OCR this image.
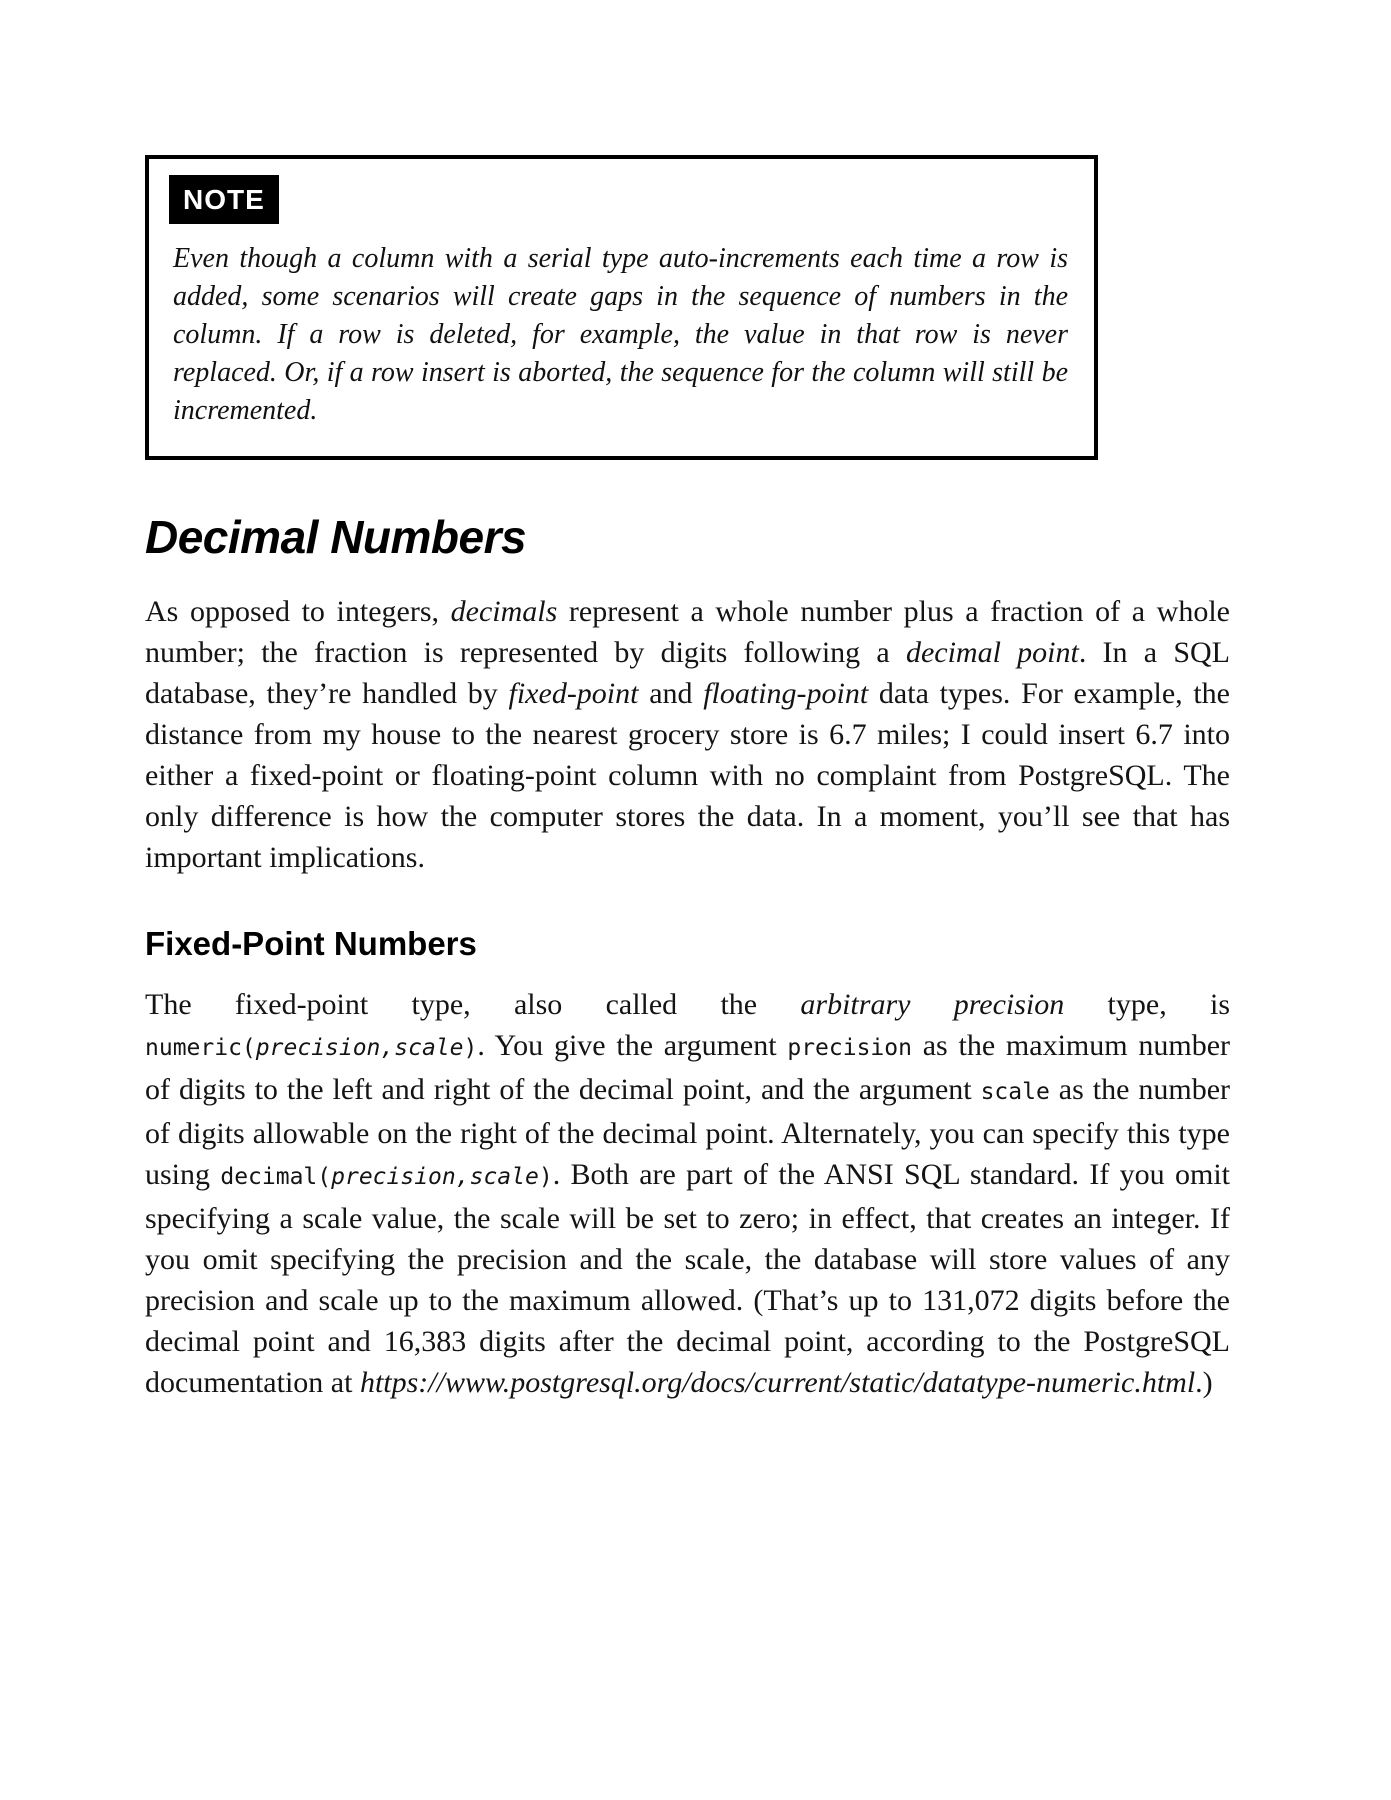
NOTE

Even though a column with a serial type auto-increments each time a row is added, some scenarios will create gaps in the sequence of numbers in the column. If a row is deleted, for example, the value in that row is never replaced. Or, if a row insert is aborted, the sequence for the column will still be incremented.

Decimal Numbers

As opposed to integers, decimals represent a whole number plus a fraction of a whole number; the fraction is represented by digits following a decimal point. In a SQL database, they’re handled by fixed-point and floating-point data types. For example, the distance from my house to the nearest grocery store is 6.7 miles; I could insert 6.7 into either a fixed-point or floating-point column with no complaint from PostgreSQL. The only difference is how the computer stores the data. In a moment, you’ll see that has important implications.

Fixed-Point Numbers

The fixed-point type, also called the arbitrary precision type, is numeric(precision,scale). You give the argument precision as the maximum number of digits to the left and right of the decimal point, and the argument scale as the number of digits allowable on the right of the decimal point. Alternately, you can specify this type using decimal(precision,scale). Both are part of the ANSI SQL standard. If you omit specifying a scale value, the scale will be set to zero; in effect, that creates an integer. If you omit specifying the precision and the scale, the database will store values of any precision and scale up to the maximum allowed. (That’s up to 131,072 digits before the decimal point and 16,383 digits after the decimal point, according to the PostgreSQL documentation at https://www.postgresql.org/docs/current/static/datatype-numeric.html.)
